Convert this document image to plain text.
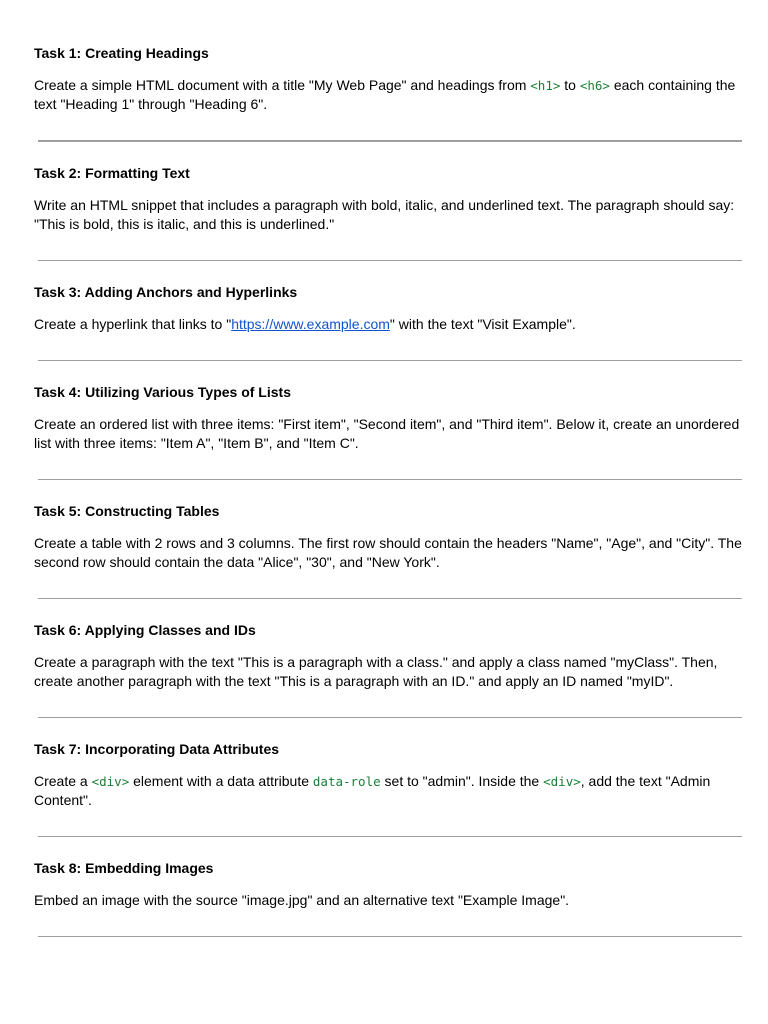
Task 1: Creating Headings

Create a simple HTML document with a title "My Web Page" and headings from <h1> to <h6> each containing the text "Heading 1" through "Heading 6".

Task 2: Formatting Text

Write an HTML snippet that includes a paragraph with bold, italic, and underlined text. The paragraph should say: "This is bold, this is italic, and this is underlined."

Task 3: Adding Anchors and Hyperlinks

Create a hyperlink that links to "https://www.example.com" with the text "Visit Example".

Task 4: Utilizing Various Types of Lists

Create an ordered list with three items: "First item", "Second item", and "Third item". Below it, create an unordered list with three items: "Item A", "Item B", and "Item C".

Task 5: Constructing Tables

Create a table with 2 rows and 3 columns. The first row should contain the headers "Name", "Age", and "City". The second row should contain the data "Alice", "30", and "New York".

Task 6: Applying Classes and IDs

Create a paragraph with the text "This is a paragraph with a class." and apply a class named "myClass". Then, create another paragraph with the text "This is a paragraph with an ID." and apply an ID named "myID".

Task 7: Incorporating Data Attributes

Create a <div> element with a data attribute data-role set to "admin". Inside the <div>, add the text "Admin Content".

Task 8: Embedding Images

Embed an image with the source "image.jpg" and an alternative text "Example Image".
